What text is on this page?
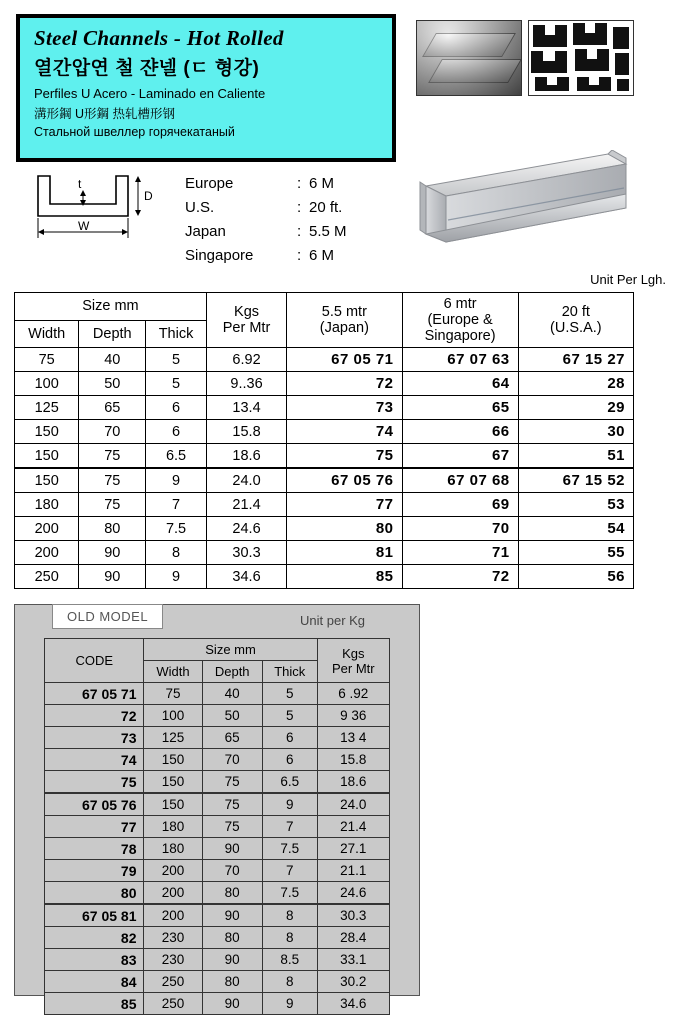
Steel Channels - Hot Rolled
열간압연 철 쟌넬 (ㄷ 형강)
Perfiles U Acero - Laminado en Caliente
溝形鋼 U形鋼 热轧槽形钢
Стальной швеллер горячекатаный
t
D
W
Europe	: 6 M
U.S.	: 20 ft.
Japan	: 5.5 M
Singapore	: 6 M
Unit Per Lgh.
Size mm	Kgs
Per Mtr

5.5 mtr
(Japan)

6 mtr
(Europe &
Singapore)

20 ft
(U.S.A.)

Width	Depth	Thick				
75	40	5	6.92	67 05 71	67 07 63	67 15 27
100	50	5	9..36	72	64	28
125	65	6	13.4	73	65	29
150	70	6	15.8	74	66	30
150	75	6.5	18.6	75	67	51
150	75	9	24.0	67 05 76	67 07 68	67 15 52
180	75	7	21.4	77	69	53
200	80	7.5	24.6	80	70	54
200	90	8	30.3	81	71	55
250	90	9	34.6	85	72	56
OLD MODEL	Unit per Kg
CODE	Size mm			Kgs
Per Mtr

	Width	Depth	Thick	
67 05 71	75	40	5	6 .92
72	100	50	5	9 36
73	125	65	6	13 4
74	150	70	6	15.8
75	150	75	6.5	18.6
67 05 76	150	75	9	24.0
77	180	75	7	21.4
78	180	90	7.5	27.1
79	200	70	7	21.1
80	200	80	7.5	24.6
67 05 81	200	90	8	30.3
82	230	80	8	28.4
83	230	90	8.5	33.1
84	250	80	8	30.2
85	250	90	9	34.6
